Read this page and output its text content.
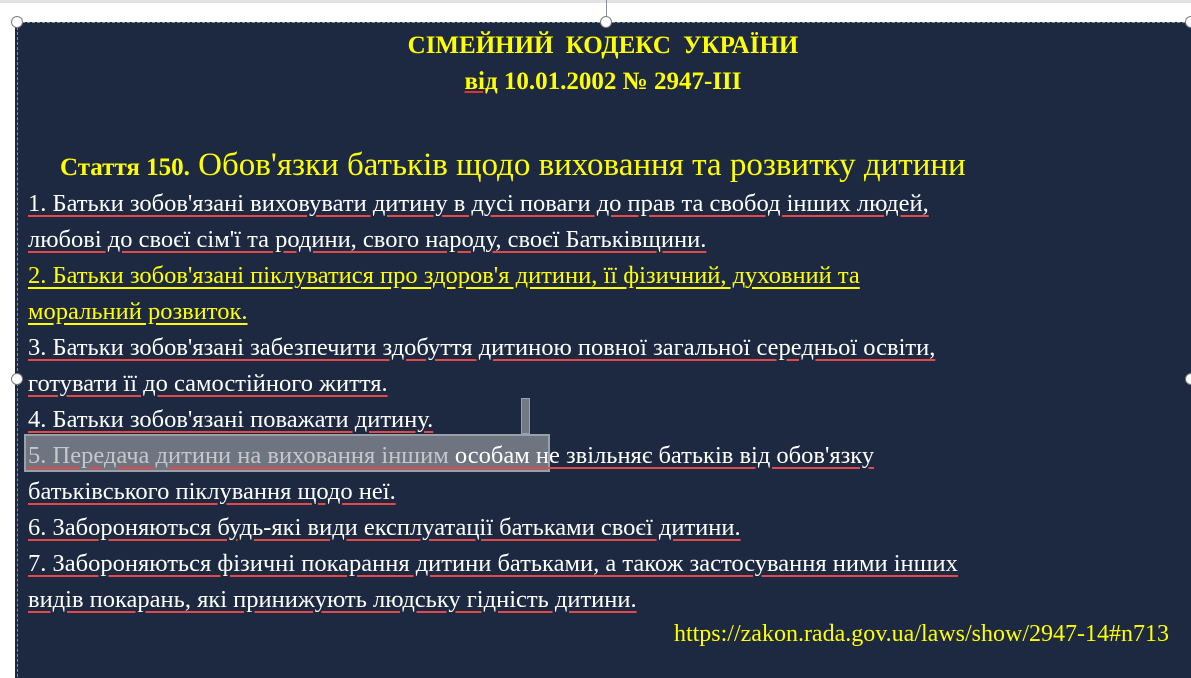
СІМЕЙНИЙ КОДЕКС УКРАЇНИ
від 10.01.2002 № 2947-ІІІ
Стаття 150. Обов'язки батьків щодо виховання та розвитку дитини
1. Батьки зобов'язані виховувати дитину в дусі поваги до прав та свобод інших людей,
любові до своєї сім'ї та родини, свого народу, своєї Батьківщини.
2. Батьки зобов'язані піклуватися про здоров'я дитини, її фізичний, духовний та
моральний розвиток.
3. Батьки зобов'язані забезпечити здобуття дитиною повної загальної середньої освіти,
готувати її до самостійного життя.
4. Батьки зобов'язані поважати дитину.
5. Передача дитини на виховання іншим особам не звільняє батьків від обов'язку
батьківського піклування щодо неї.
6. Забороняються будь-які види експлуатації батьками своєї дитини.
7. Забороняються фізичні покарання дитини батьками, а також застосування ними інших
видів покарань, які принижують людську гідність дитини.
https://zakon.rada.gov.ua/laws/show/2947-14#n713
